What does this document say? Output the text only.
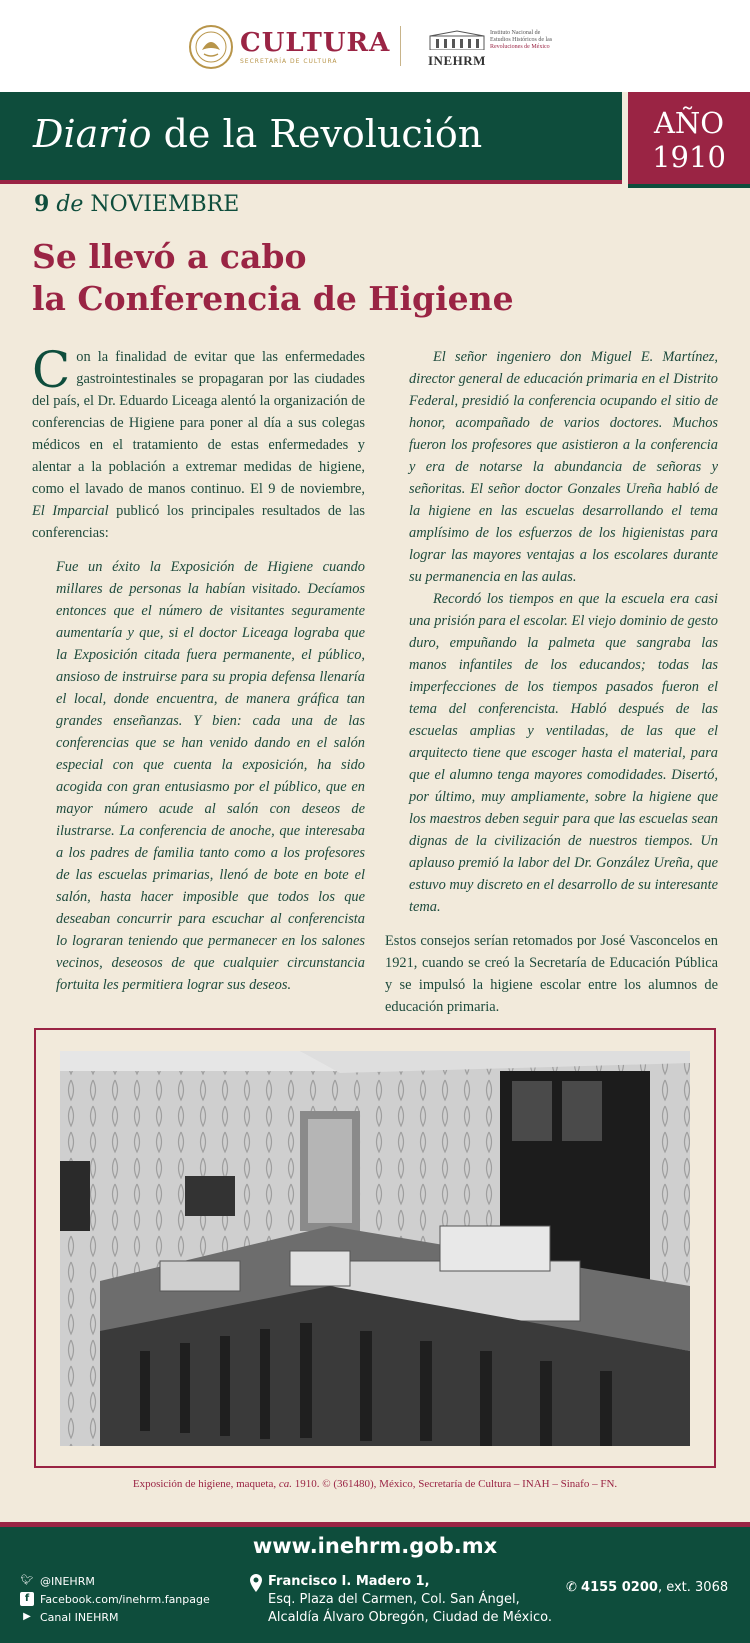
CULTURA
SECRETARÍA DE CULTURA	INEHRM
Instituto Nacional de
Estudios Históricos de las
Revoluciones de México
Diario de la Revolución	AÑO
1910
9 de NOVIEMBRE
Se llevó a cabo
la Conferencia de Higiene

Con la finalidad de evitar que las enfermedades gastrointestinales se propagaran por las ciudades del país, el Dr. Eduardo Liceaga alentó la organización de conferencias de Higiene para poner al día a sus colegas médicos en el tratamiento de estas enfermedades y alentar a la población a extremar medidas de higiene, como el lavado de manos continuo. El 9 de noviembre, El Imparcial publicó los principales resultados de las conferencias:

Fue un éxito la Exposición de Higiene cuando millares de personas la habían visitado. Decíamos entonces que el número de visitantes seguramente aumentaría y que, si el doctor Liceaga lograba que la Exposición citada fuera permanente, el público, ansioso de instruirse para su propia defensa llenaría el local, donde encuentra, de manera gráfica tan grandes enseñanzas. Y bien: cada una de las conferencias que se han venido dando en el salón especial con que cuenta la exposición, ha sido acogida con gran entusiasmo por el público, que en mayor número acude al salón con deseos de ilustrarse. La conferencia de anoche, que interesaba a los padres de familia tanto como a los profesores de las escuelas primarias, llenó de bote en bote el salón, hasta hacer imposible que todos los que deseaban concurrir para escuchar al conferencista lo lograran teniendo que permanecer en los salones vecinos, deseosos de que cualquier circunstancia fortuita les permitiera lograr sus deseos.

El señor ingeniero don Miguel E. Martínez, director general de educación primaria en el Distrito Federal, presidió la conferencia ocupando el sitio de honor, acompañado de varios doctores. Muchos fueron los profesores que asistieron a la conferencia y era de notarse la abundancia de señoras y señoritas. El señor doctor Gonzales Ureña habló de la higiene en las escuelas desarrollando el tema amplísimo de los esfuerzos de los higienistas para lograr las mayores ventajas a los escolares durante su permanencia en las aulas.

Recordó los tiempos en que la escuela era casi una prisión para el escolar. El viejo dominio de gesto duro, empuñando la palmeta que sangraba las manos infantiles de los educandos; todas las imperfecciones de los tiempos pasados fueron el tema del conferencista. Habló después de las escuelas amplias y ventiladas, de las que el arquitecto tiene que escoger hasta el material, para que el alumno tenga mayores comodidades. Disertó, por último, muy ampliamente, sobre la higiene que los maestros deben seguir para que las escuelas sean dignas de la civilización de nuestros tiempos. Un aplauso premió la labor del Dr. González Ureña, que estuvo muy discreto en el desarrollo de su interesante tema.

Estos consejos serían retomados por José Vasconcelos en 1921, cuando se creó la Secretaría de Educación Pública y se impulsó la higiene escolar entre los alumnos de educación primaria.

Exposición de higiene, maqueta, ca. 1910. © (361480), México, Secretaría de Cultura – INAH – Sinafo – FN.
www.inehrm.gob.mx
🐦︎ @INEHRM
f Facebook.com/inehrm.fanpage
▶ Canal INEHRM
Francisco I. Madero 1,
Esq. Plaza del Carmen, Col. San Ángel,
Alcaldía Álvaro Obregón, Ciudad de México.
✆ 4155 0200, ext. 3068
